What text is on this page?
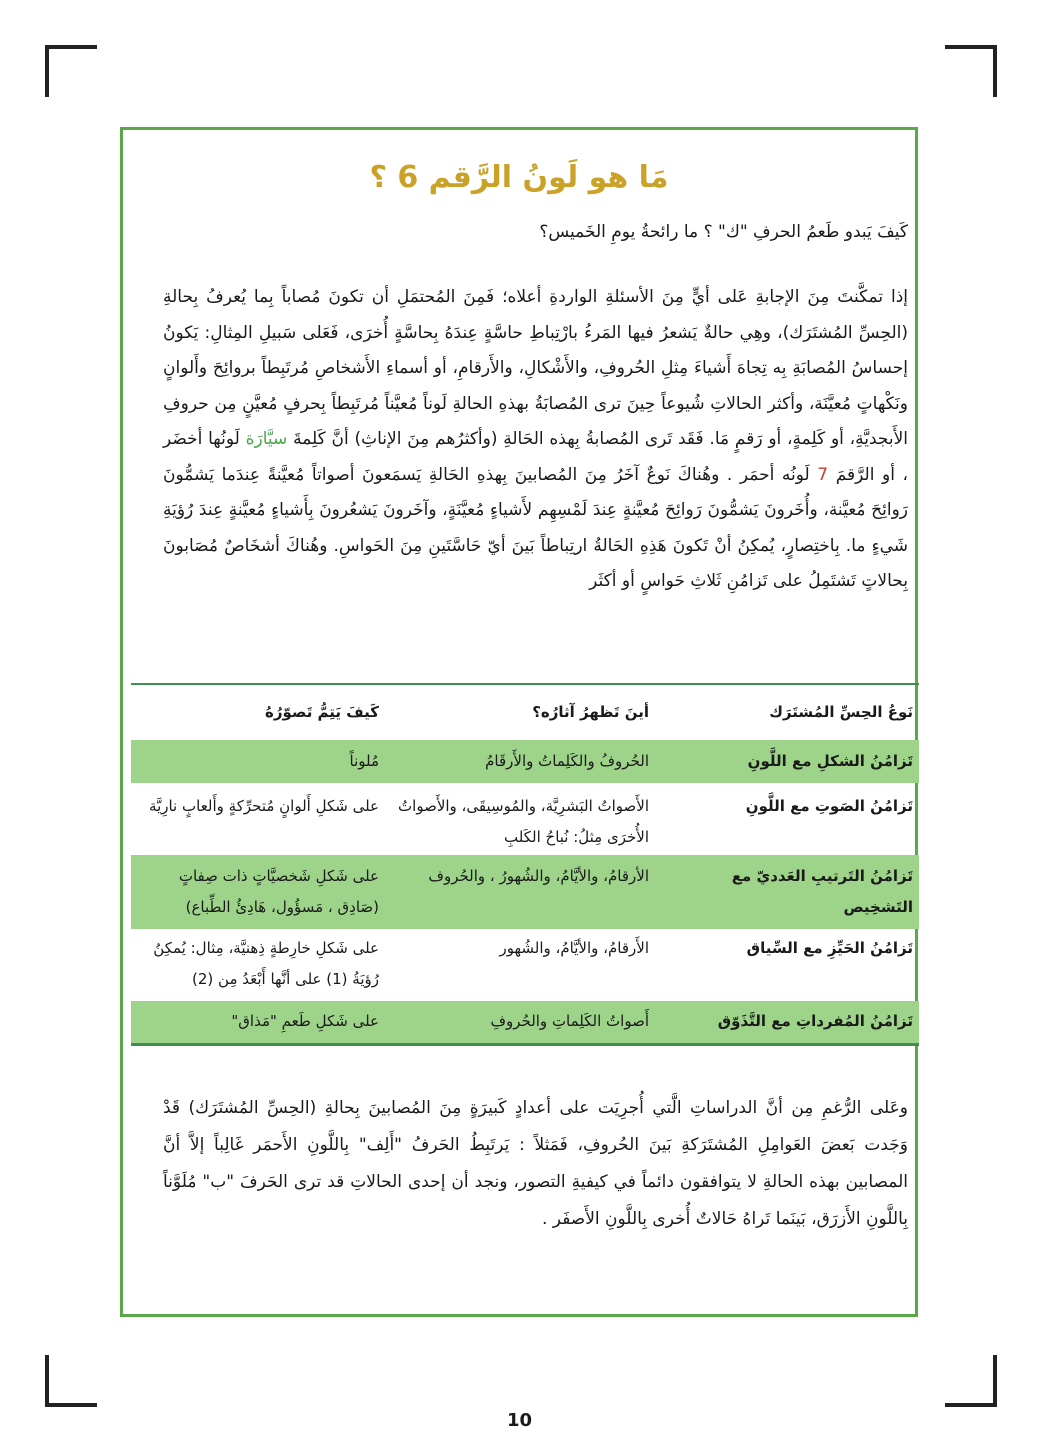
مَا هو لَونُ الرَّقم 6 ؟
كَيفَ يَبدو طَعمُ الحرفِ "ك" ؟ ما رائحةُ يومِ الخَميس؟
إذا تمكَّنتَ مِنَ الإجابةِ عَلى أيٍّ مِنَ الأسئلةِ الواردةِ أعلاه؛ فَمِنَ المُحتمَلِ أن تكونَ مُصاباً بِما يُعرفُ بِحالةِ (الحِسِّ المُشتَرَك)، وهِي حالةٌ يَشعرُ فيها المَرءُ بارْتِباطِ حاسَّةٍ عِندَهُ بِحاسَّةٍ أُخرَى، فَعَلى سَبيلِ المِثالِ: يَكونُ إحساسُ المُصابَةِ بِه تِجاهَ أَشياءَ مِثلِ الحُروفِ، والأَشْكالِ، والأَرقامِ، أو أسماءِ الأَشخاصِ مُرتَبِطاً بروائِحَ وأَلوانٍ ونَكْهاتٍ مُعيَّنَة، وأكثر الحالاتِ شُيوعاً حِينَ ترى المُصابَةُ بهذهِ الحالةِ لَوناً مُعيَّناً مُرتَبِطاً بِحرفٍ مُعيَّنٍ مِن حروفِ الأَبجديَّةِ، أو كَلِمةٍ، أو رَقمٍ مَا. فَقَد تَرى المُصابةُ بِهذه الحَالةِ (وأكثرُهم مِنَ الإناثِ) أنَّ كَلِمةَ سيَّارَة لَونُها أخضَر ، أو الرَّقمَ 7 لَونُه أحمَر . وهُناكَ نَوعٌ آخَرُ مِنَ المُصابينَ بِهذهِ الحَالةِ يَسمَعونَ أصواتاً مُعيَّنةً عِندَما يَشمُّونَ رَوائِحَ مُعيَّنة، وأُخَرونَ يَشمُّونَ رَوائِحَ مُعيَّنةٍ عِندَ لَمْسِهِم لأَشياءٍ مُعيَّنَةٍ، وآخَرونَ يَشعُرونَ بِأَشياءٍ مُعيَّنةٍ عِندَ رُؤيَةِ شَيءٍ ما. بِاختِصارٍ، يُمكِنُ أنْ تَكونَ هَذِهِ الحَالةُ ارتِباطاً بَينَ أيّ حَاسَّتَينِ مِنَ الحَواسِ. وهُناكَ أشخَاصٌ مُصَابونَ بِحالاتٍ تَشتَمِلُ على تَزامُنِ ثَلاثِ حَواسٍ أو أكثَر
نَوعُ الحِسِّ المُشتَرَك
أينَ تَظهرُ آثارُه؟
كَيفَ يَتِمُّ تَصوّرُهُ
تَزامُنُ الشكلِ مع اللَّونِ
الحُروفُ والكَلِماتُ والأَرقَامُ
مُلوناً
تَزامُنُ الصَوتِ مع اللَّونِ
الأَصواتُ البَشرِيَّة، والمُوسِيقَى، والأَصواتُ الأُخرَى مِثلُ: نُباحُ الكَلبِ
على شَكلِ أَلوانٍ مُتحرِّكةٍ وأَلعابٍ نارِيَّة
تَزامُنُ التَرتيبِ العَدديّ مع التَشخِيص
الأرقامُ، والأيَّامُ، والشُهورُ ، والحُروف
على شَكلِ شَخصيَّاتٍ ذات صِفاتٍ (صَادِق ، مَسؤُول، هَادِئُ الطِّباع)
تَزامُنُ الحَيِّزِ مع السِّياق
الأَرقامُ، والأيَّامُ، والشُهور
على شَكلِ خارِطةٍ ذِهنيَّة، مِثال: يُمكِنُ رُؤيَةُ (1) على أنَّها أَبْعَدُ مِن (2)
تَزامُنُ المُفرداتِ مع التَّذَوّق
أَصواتُ الكَلِماتِ والحُروفِ
على شَكلِ طَعمِ "مَذاق"
وعَلى الرُّغمِ مِن أنَّ الدراساتِ الَّتي أُجرِيَت على أعدادٍ كَبيرَةٍ مِنَ المُصابينَ بِحالةِ (الحِسِّ المُشتَرَك) قَدْ وَجَدت بَعضَ العَوامِلِ المُشتَرَكةِ بَينَ الحُروفِ، فَمَثلاً : يَرتَبِطُ الحَرفُ "أَلِف" بِاللَّونِ الأَحمَر غَالِباً إلاَّ أنَّ المصابين بهذه الحالةِ لا يتوافقون دائماً في كيفيةِ التصور، ونجد أن إحدى الحالاتِ قد ترى الحَرفَ "ب" مُلَوَّناً بِاللَّونِ الأَزرَق، بَينَما تَراهُ حَالاتٌ أُخرى بِاللَّونِ الأَصفَر .
10
